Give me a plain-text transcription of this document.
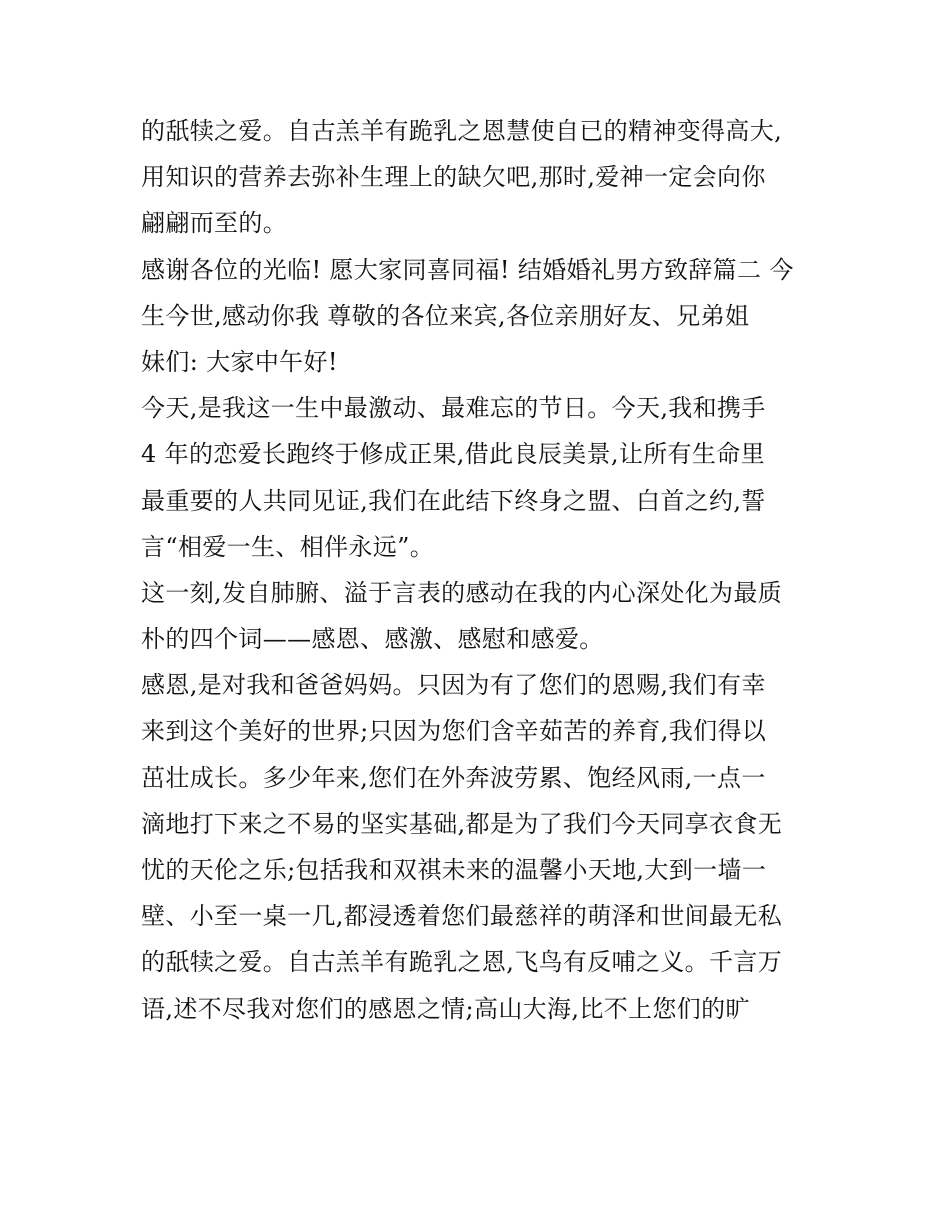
的舐犊之爱。自古羔羊有跪乳之恩慧使自已的精神变得高大,
用知识的营养去弥补生理上的缺欠吧,那时,爱神一定会向你
翩翩而至的。
感谢各位的光临! 愿大家同喜同福! 结婚婚礼男方致辞篇二 今
生今世,感动你我 尊敬的各位来宾,各位亲朋好友、兄弟姐
妹们: 大家中午好!
今天,是我这一生中最激动、最难忘的节日。今天,我和携手
4 年的恋爱长跑终于修成正果,借此良辰美景,让所有生命里
最重要的人共同见证,我们在此结下终身之盟、白首之约,誓
言“相爱一生、相伴永远”。
这一刻,发自肺腑、溢于言表的感动在我的内心深处化为最质
朴的四个词——感恩、感激、感慰和感爱。
感恩,是对我和爸爸妈妈。只因为有了您们的恩赐,我们有幸
来到这个美好的世界;只因为您们含辛茹苦的养育,我们得以
茁壮成长。多少年来,您们在外奔波劳累、饱经风雨,一点一
滴地打下来之不易的坚实基础,都是为了我们今天同享衣食无
忧的天伦之乐;包括我和双祺未来的温馨小天地,大到一墙一
壁、小至一桌一几,都浸透着您们最慈祥的萌泽和世间最无私
的舐犊之爱。自古羔羊有跪乳之恩,飞鸟有反哺之义。千言万
语,述不尽我对您们的感恩之情;高山大海,比不上您们的旷
